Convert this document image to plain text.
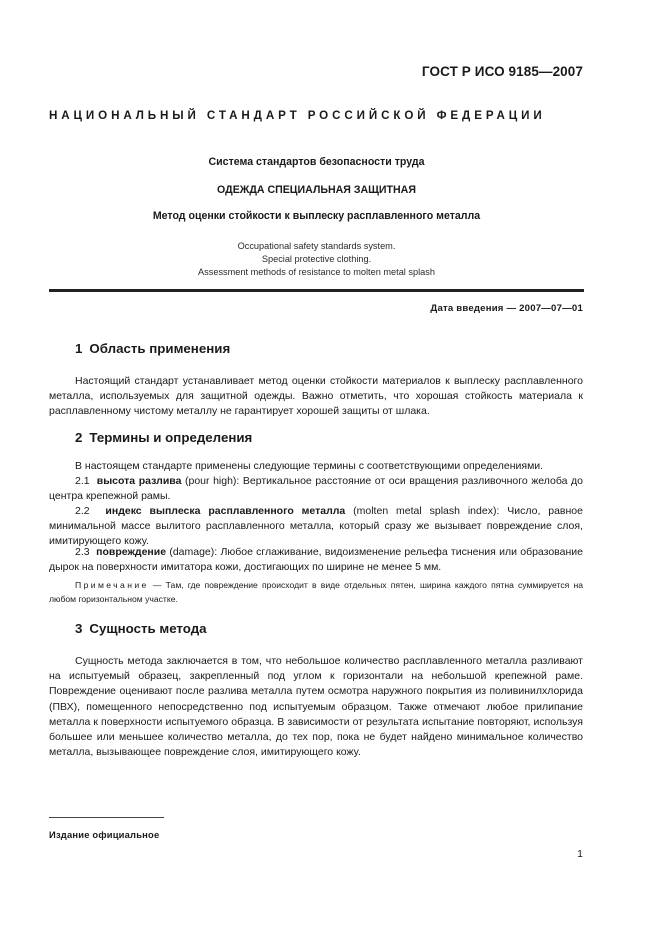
ГОСТ Р ИСО 9185—2007
НАЦИОНАЛЬНЫЙ СТАНДАРТ РОССИЙСКОЙ ФЕДЕРАЦИИ
Система стандартов безопасности труда
ОДЕЖДА СПЕЦИАЛЬНАЯ ЗАЩИТНАЯ
Метод оценки стойкости к выплеску расплавленного металла
Occupational safety standards system.
Special protective clothing.
Assessment methods of resistance to molten metal splash
Дата введения — 2007—07—01
1 Область применения
Настоящий стандарт устанавливает метод оценки стойкости материалов к выплеску расплавленного металла, используемых для защитной одежды. Важно отметить, что хорошая стойкость материала к расплавленному чистому металлу не гарантирует хорошей защиты от шлака.
2 Термины и определения
В настоящем стандарте применены следующие термины с соответствующими определениями.
2.1 высота разлива (pour high): Вертикальное расстояние от оси вращения разливочного желоба до центра крепежной рамы.
2.2 индекс выплеска расплавленного металла (molten metal splash index): Число, равное минимальной массе вылитого расплавленного металла, который сразу же вызывает повреждение слоя, имитирующего кожу.
2.3 повреждение (damage): Любое сглаживание, видоизменение рельефа тиснения или образование дырок на поверхности имитатора кожи, достигающих по ширине не менее 5 мм.
Примечание — Там, где повреждение происходит в виде отдельных пятен, ширина каждого пятна суммируется на любом горизонтальном участке.
3 Сущность метода
Сущность метода заключается в том, что небольшое количество расплавленного металла разливают на испытуемый образец, закрепленный под углом к горизонтали на небольшой крепежной раме. Повреждение оценивают после разлива металла путем осмотра наружного покрытия из поливинилхлорида (ПВХ), помещенного непосредственно под испытуемым образцом. Также отмечают любое прилипание металла к поверхности испытуемого образца. В зависимости от результата испытание повторяют, используя большее или меньшее количество металла, до тех пор, пока не будет найдено минимальное количество металла, вызывающее повреждение слоя, имитирующего кожу.
Издание официальное
1
